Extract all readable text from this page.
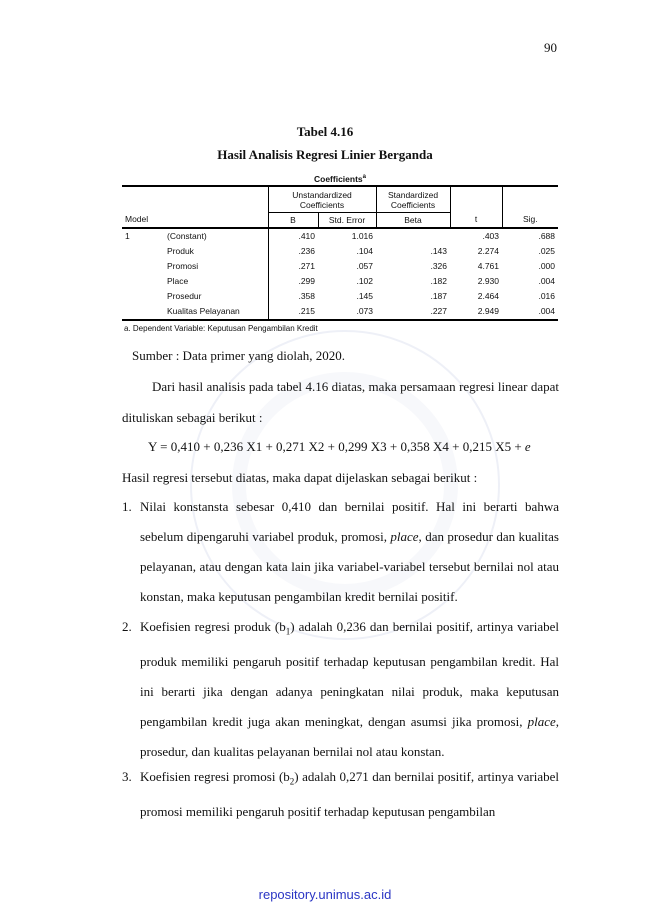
90
Tabel 4.16
Hasil Analisis Regresi Linier Berganda
Coefficients$^a$
		Unstandardized
Coefficients		Standardized
Coefficients		
Model		B	Std. Error	Beta	t	Sig.
1	(Constant)	.410	1.016		.403	.688
	Produk	.236	.104	.143	2.274	.025
	Promosi	.271	.057	.326	4.761	.000
	Place	.299	.102	.182	2.930	.004
	Prosedur	.358	.145	.187	2.464	.016
	Kualitas Pelayanan	.215	.073	.227	2.949	.004
a. Dependent Variable: Keputusan Pengambilan Kredit
Sumber : Data primer yang diolah, 2020.
Dari hasil analisis pada tabel 4.16 diatas, maka persamaan regresi linear dapat dituliskan sebagai berikut :
Y = 0,410 + 0,236 X1 + 0,271 X2 + 0,299 X3 + 0,358 X4 + 0,215 X5 + e
Hasil regresi tersebut diatas, maka dapat dijelaskan sebagai berikut :
1. Nilai konstansta sebesar 0,410 dan bernilai positif. Hal ini berarti bahwa sebelum dipengaruhi variabel produk, promosi, place, dan prosedur dan kualitas pelayanan, atau dengan kata lain jika variabel-variabel tersebut bernilai nol atau konstan, maka keputusan pengambilan kredit bernilai positif.
2. Koefisien regresi produk $(b_1)$ adalah 0,236 dan bernilai positif, artinya variabel produk memiliki pengaruh positif terhadap keputusan pengambilan kredit. Hal ini berarti jika dengan adanya peningkatan nilai produk, maka keputusan pengambilan kredit juga akan meningkat, dengan asumsi jika promosi, place, prosedur, dan kualitas pelayanan bernilai nol atau konstan.
3. Koefisien regresi promosi $(b_2)$ adalah 0,271 dan bernilai positif, artinya variabel promosi memiliki pengaruh positif terhadap keputusan pengambilan
repository.unimus.ac.id
